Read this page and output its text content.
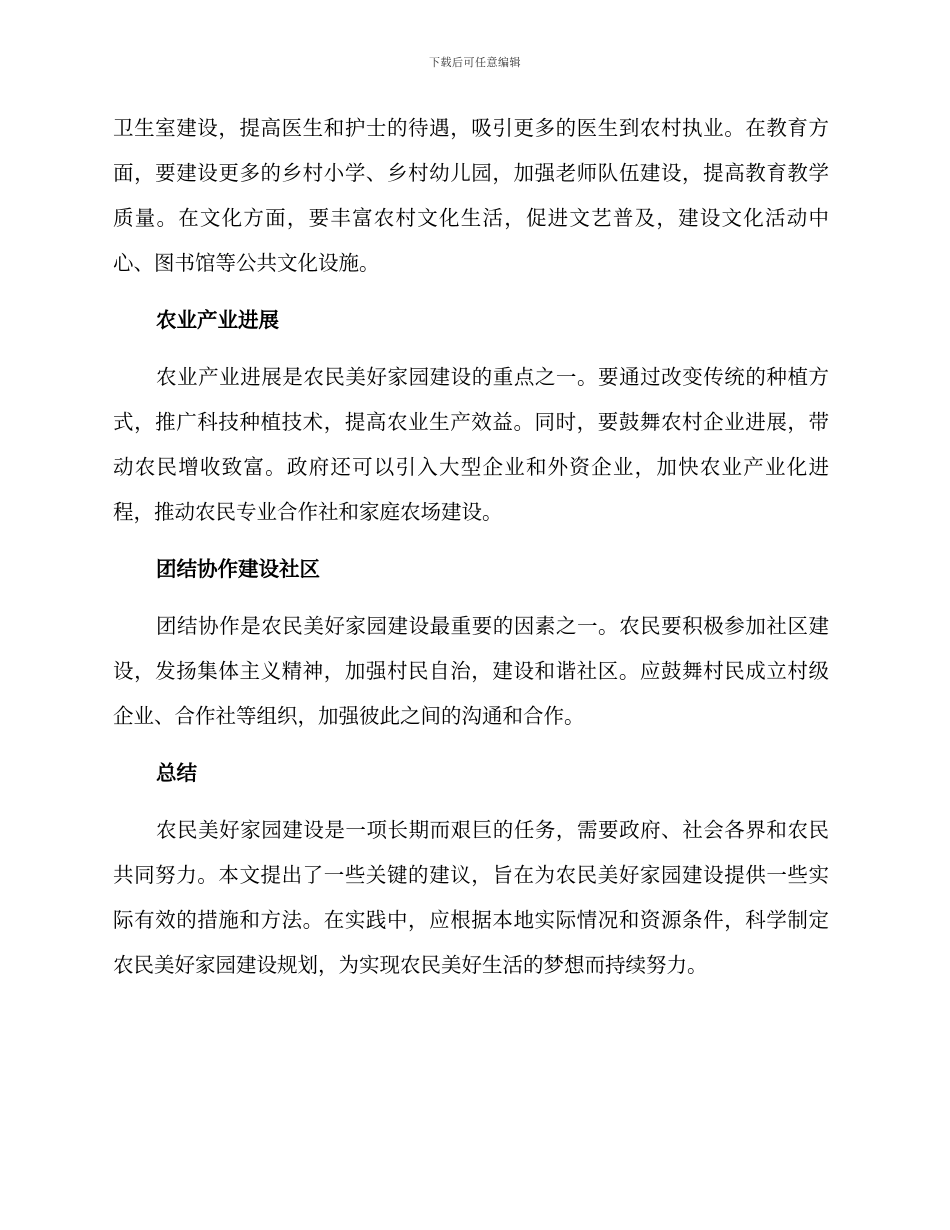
下载后可任意编辑

卫生室建设，提高医生和护士的待遇，吸引更多的医生到农村执业。在教育方面，要建设更多的乡村小学、乡村幼儿园，加强老师队伍建设，提高教育教学质量。在文化方面，要丰富农村文化生活，促进文艺普及，建设文化活动中心、图书馆等公共文化设施。

农业产业进展

农业产业进展是农民美好家园建设的重点之一。要通过改变传统的种植方式，推广科技种植技术，提高农业生产效益。同时，要鼓舞农村企业进展，带动农民增收致富。政府还可以引入大型企业和外资企业，加快农业产业化进程，推动农民专业合作社和家庭农场建设。

团结协作建设社区

团结协作是农民美好家园建设最重要的因素之一。农民要积极参加社区建设，发扬集体主义精神，加强村民自治，建设和谐社区。应鼓舞村民成立村级企业、合作社等组织，加强彼此之间的沟通和合作。

总结

农民美好家园建设是一项长期而艰巨的任务，需要政府、社会各界和农民共同努力。本文提出了一些关键的建议，旨在为农民美好家园建设提供一些实际有效的措施和方法。在实践中，应根据本地实际情况和资源条件，科学制定农民美好家园建设规划，为实现农民美好生活的梦想而持续努力。
